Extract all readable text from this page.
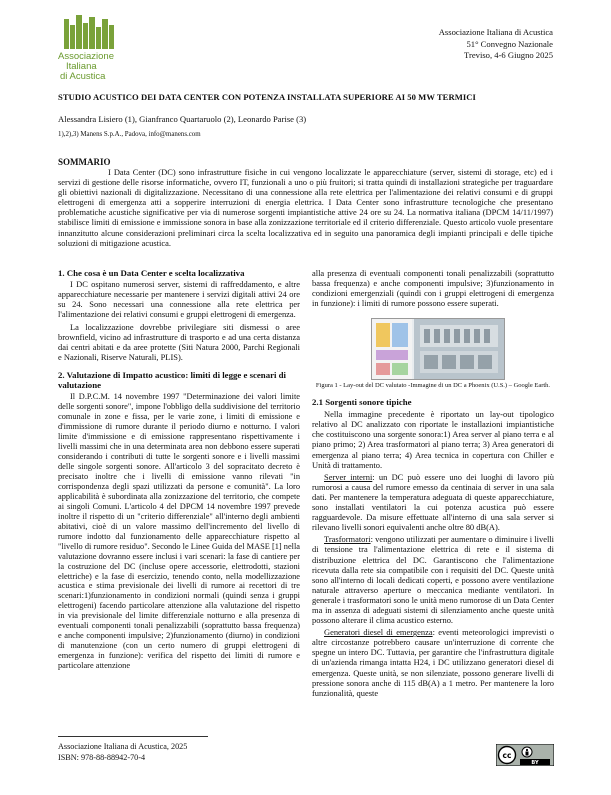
Associazione
Italiana
di Acustica
Associazione Italiana di Acustica
51° Convegno Nazionale
Treviso, 4-6 Giugno 2025
STUDIO ACUSTICO DEI DATA CENTER CON POTENZA INSTALLATA SUPERIORE AI 50 MW TERMICI
Alessandra Lisiero (1), Gianfranco Quartaruolo (2), Leonardo Parise (3)
1),2),3) Manens S.p.A., Padova, info@manens.com
SOMMARIO

I Data Center (DC) sono infrastrutture fisiche in cui vengono localizzate le apparecchiature (server, sistemi di storage, etc) ed i servizi di gestione delle risorse informatiche, ovvero IT, funzionali a uno o più fruitori; si tratta quindi di installazioni strategiche per traguardare gli obiettivi nazionali di digitalizzazione. Necessitano di una connessione alla rete elettrica per l'alimentazione dei relativi consumi e di gruppi elettrogeni di emergenza atti a sopperire interruzioni di energia elettrica. I Data Center sono infrastrutture tecnologiche che presentano problematiche acustiche significative per via di numerose sorgenti impiantistiche attive 24 ore su 24. La normativa italiana (DPCM 14/11/1997) stabilisce limiti di emissione e immissione sonora in base alla zonizzazione territoriale ed il criterio differenziale. Questo articolo vuole presentare innanzitutto alcune considerazioni preliminari circa la scelta localizzativa ed in seguito una panoramica degli impianti principali e delle tipiche soluzioni di mitigazione acustica.

1. Che cosa è un Data Center e scelta localizzativa

I DC ospitano numerosi server, sistemi di raffreddamento, e altre apparecchiature necessarie per mantenere i servizi digitali attivi 24 ore su 24. Sono necessari una connessione alla rete elettrica per l'alimentazione dei relativi consumi e gruppi elettrogeni di emergenza.

La localizzazione dovrebbe privilegiare siti dismessi o aree brownfield, vicino ad infrastrutture di trasporto e ad una certa distanza dai centri abitati e da aree protette (Siti Natura 2000, Parchi Regionali e Nazionali, Riserve Naturali, PLIS).

2. Valutazione di Impatto acustico: limiti di legge e scenari di valutazione

Il D.P.C.M. 14 novembre 1997 "Determinazione dei valori limite delle sorgenti sonore", impone l'obbligo della suddivisione del territorio comunale in zone e fissa, per le varie zone, i limiti di emissione e d'immissione di rumore durante il periodo diurno e notturno. I valori limite d'immissione e di emissione rappresentano rispettivamente i livelli massimi che in una determinata area non debbono essere superati considerando i contributi di tutte le sorgenti sonore e i livelli massimi delle singole sorgenti sonore. All'articolo 3 del sopracitato decreto è precisato inoltre che i livelli di emissione vanno rilevati "in corrispondenza degli spazi utilizzati da persone e comunità". La loro applicabilità è subordinata alla zonizzazione del territorio, che compete ai singoli Comuni. L'articolo 4 del DPCM 14 novembre 1997 prevede inoltre il rispetto di un "criterio differenziale" all'interno degli ambienti abitativi, cioè di un valore massimo dell'incremento del livello di rumore indotto dal funzionamento delle apparecchiature rispetto al "livello di rumore residuo". Secondo le Linee Guida del MASE [1] nella valutazione dovranno essere inclusi i vari scenari: la fase di cantiere per la costruzione del DC (incluse opere accessorie, elettrodotti, stazioni elettriche) e la fase di esercizio, tenendo conto, nella modellizzazione acustica e stima previsionale dei livelli di rumore ai recettori di tre scenari:1)funzionamento in condizioni normali (quindi senza i gruppi elettrogeni) facendo particolare attenzione alla valutazione del rispetto in via previsionale del limite differenziale notturno e alla presenza di eventuali componenti tonali penalizzabili (soprattutto bassa frequenza) e anche componenti impulsive; 2)funzionamento (diurno) in condizioni di manutenzione (con un certo numero di gruppi elettrogeni di emergenza in funzione): verifica del rispetto dei limiti di rumore e particolare attenzione

alla presenza di eventuali componenti tonali penalizzabili (soprattutto bassa frequenza) e anche componenti impulsive; 3)funzionamento in condizioni emergenziali (quindi con i gruppi elettrogeni di emergenza in funzione): i limiti di rumore possono essere superati.

Figura 1 - Lay-out del DC valutato -Immagine di un DC a Phoenix (U.S.) – Google Earth.

2.1 Sorgenti sonore tipiche

Nella immagine precedente è riportato un lay-out tipologico relativo al DC analizzato con riportate le installazioni impiantistiche che costituiscono una sorgente sonora:1) Area server al piano terra e al piano primo; 2) Area trasformatori al piano terra; 3) Area generatori di emergenza al piano terra; 4) Area tecnica in copertura con Chiller e Unità di trattamento.

Server interni: un DC può essere uno dei luoghi di lavoro più rumorosi a causa del rumore emesso da centinaia di server in una sala dati. Per mantenere la temperatura adeguata di queste apparecchiature, sono installati ventilatori la cui potenza acustica può essere ragguardevole. Da misure effettuate all'interno di una sala server si rilevano livelli sonori equivalenti anche oltre 80 dB(A).

Trasformatori: vengono utilizzati per aumentare o diminuire i livelli di tensione tra l'alimentazione elettrica di rete e il sistema di distribuzione elettrica del DC. Garantiscono che l'alimentazione ricevuta dalla rete sia compatibile con i requisiti del DC. Queste unità sono all'interno di locali dedicati coperti, e possono avere ventilazione naturale attraverso aperture o meccanica mediante ventilatori. In generale i trasformatori sono le unità meno rumorose di un Data Center ma in assenza di adeguati sistemi di silenziamento anche queste unità possono alterare il clima acustico esterno.

Generatori diesel di emergenza: eventi meteorologici imprevisti o altre circostanze potrebbero causare un'interruzione di corrente che spegne un intero DC. Tuttavia, per garantire che l'infrastruttura digitale di un'azienda rimanga intatta H24, i DC utilizzano generatori diesel di emergenza. Queste unità, se non silenziate, possono generare livelli di pressione sonora anche di 115 dB(A) a 1 metro. Per mantenere la loro funzionalità, queste

Associazione Italiana di Acustica, 2025
ISBN: 978-88-88942-70-4	cc
BY
